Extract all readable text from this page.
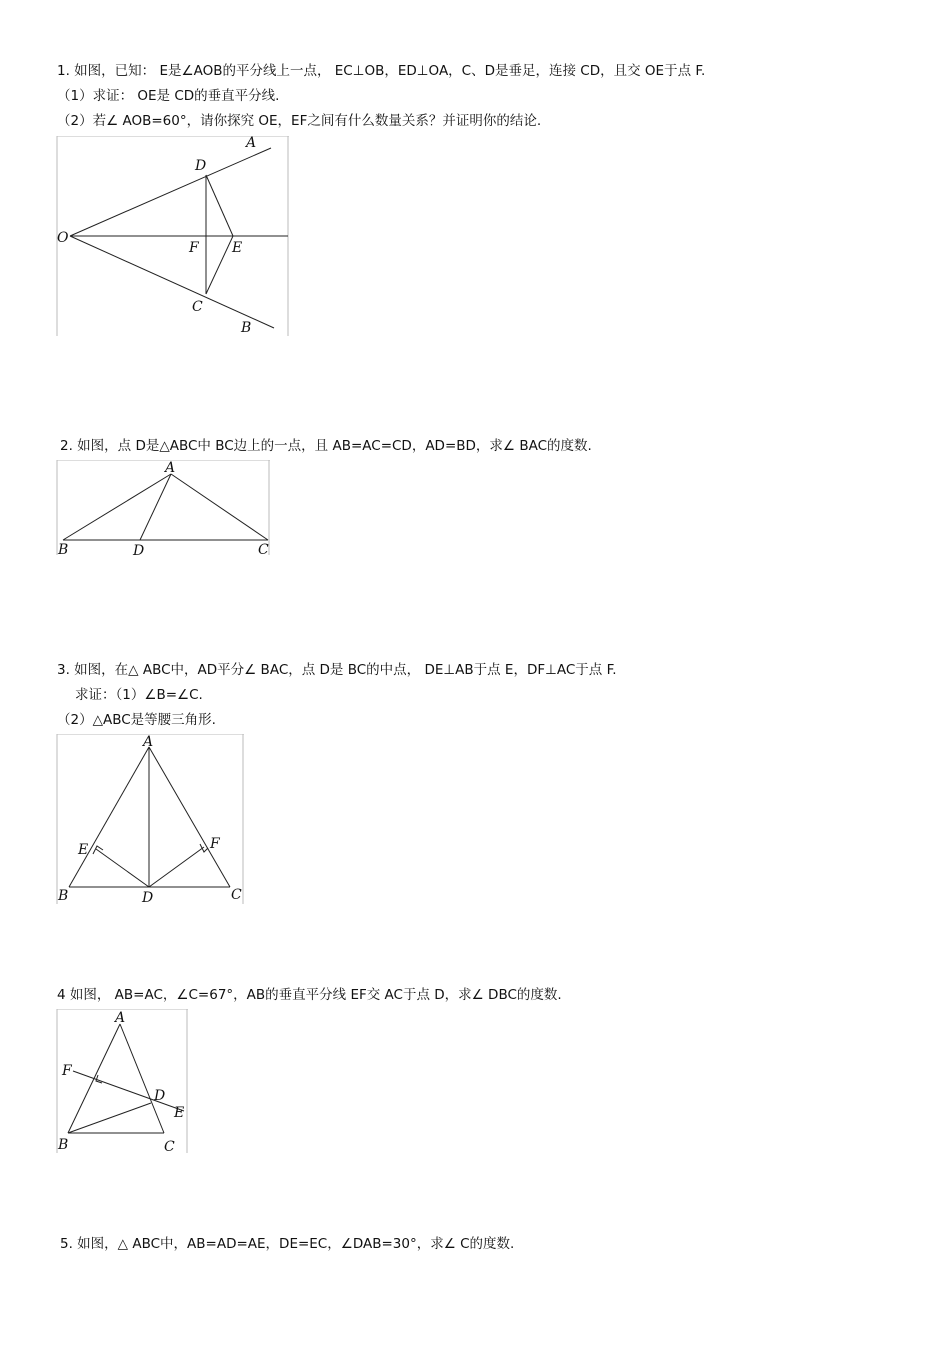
1. 如图，已知： E是∠AOB的平分线上一点， EC⊥OB，ED⊥OA，C、D是垂足，连接 CD，且交 OE于点 F.
（1）求证： OE是 CD的垂直平分线.
（2）若∠ AOB=60°，请你探究 OE，EF之间有什么数量关系？并证明你的结论.
A
D
O
F E
C
B
2. 如图，点 D是△ABC中 BC边上的一点，且 AB=AC=CD，AD=BD，求∠ BAC的度数.
A
B	D	C
3. 如图，在△ ABC中，AD平分∠ BAC，点 D是 BC的中点， DE⊥AB于点 E，DF⊥AC于点 F.
求证：（1）∠B=∠C.
（2）△ABC是等腰三角形.
A
E	F
B	D	C
4 如图， AB=AC，∠C=67°，AB的垂直平分线 EF交 AC于点 D，求∠ DBC的度数.
A
F
D
E
B	C
5. 如图，△ ABC中，AB=AD=AE，DE=EC，∠DAB=30°，求∠ C的度数.
